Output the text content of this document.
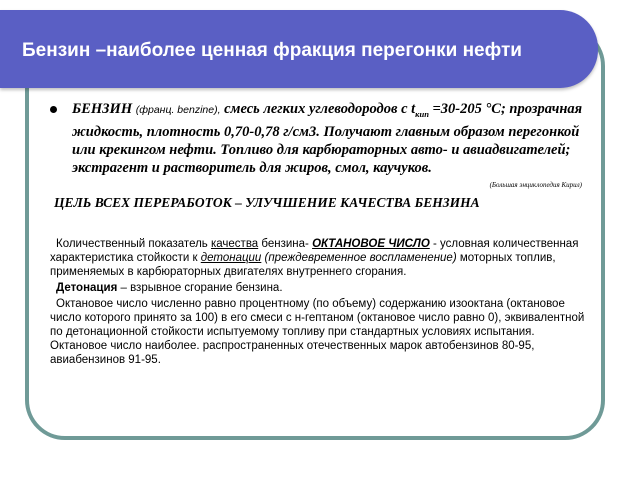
Бензин –наиболее ценная фракция перегонки нефти

БЕНЗИН (франц. benzine), смесь легких углеводородов с $t_{кип} =30-205$ °С; прозрачная жидкость, плотность 0,70-0,78 г/см3. Получают главным образом перегонкой или крекингом нефти. Топливо для карбюраторных авто- и авиадвигателей; экстрагент и растворитель для жиров, смол, каучуков.

(Большая энциклопедия Кирил)

ЦЕЛЬ ВСЕХ ПЕРЕРАБОТОК – УЛУЧШЕНИЕ КАЧЕСТВА БЕНЗИНА

Количественный показатель качества бензина- ОКТАНОВОЕ ЧИСЛО - условная количественная характеристика стойкости к детонации (преждевременное воспламенение) моторных топлив, применяемых в карбюраторных двигателях внутреннего сгорания.

Детонация – взрывное сгорание бензина.

Октановое число численно равно процентному (по объему) содержанию изооктана (октановое число которого принято за 100) в его смеси с н-гептаном (октановое число равно 0), эквивалентной по детонационной стойкости испытуемому топливу при стандартных условиях испытания. Октановое число наиболее. распространенных отечественных марок автобензинов 80-95, авиабензинов 91-95.
